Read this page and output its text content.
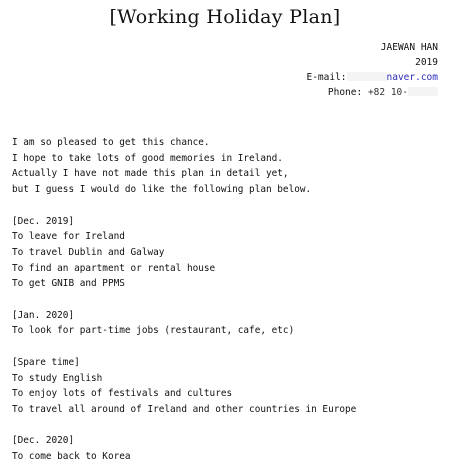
[Working Holiday Plan]
JAEWAN HAN
2019
E-mail:	naver.com
Phone: +82 10-

I am so pleased to get this chance.

I hope to take lots of good memories in Ireland.

Actually I have not made this plan in detail yet,

but I guess I would do like the following plan below.

[Dec. 2019]

To leave for Ireland

To travel Dublin and Galway

To find an apartment or rental house

To get GNIB and PPMS

[Jan. 2020]

To look for part-time jobs (restaurant, cafe, etc)

[Spare time]

To study English

To enjoy lots of festivals and cultures

To travel all around of Ireland and other countries in Europe

[Dec. 2020]

To come back to Korea
